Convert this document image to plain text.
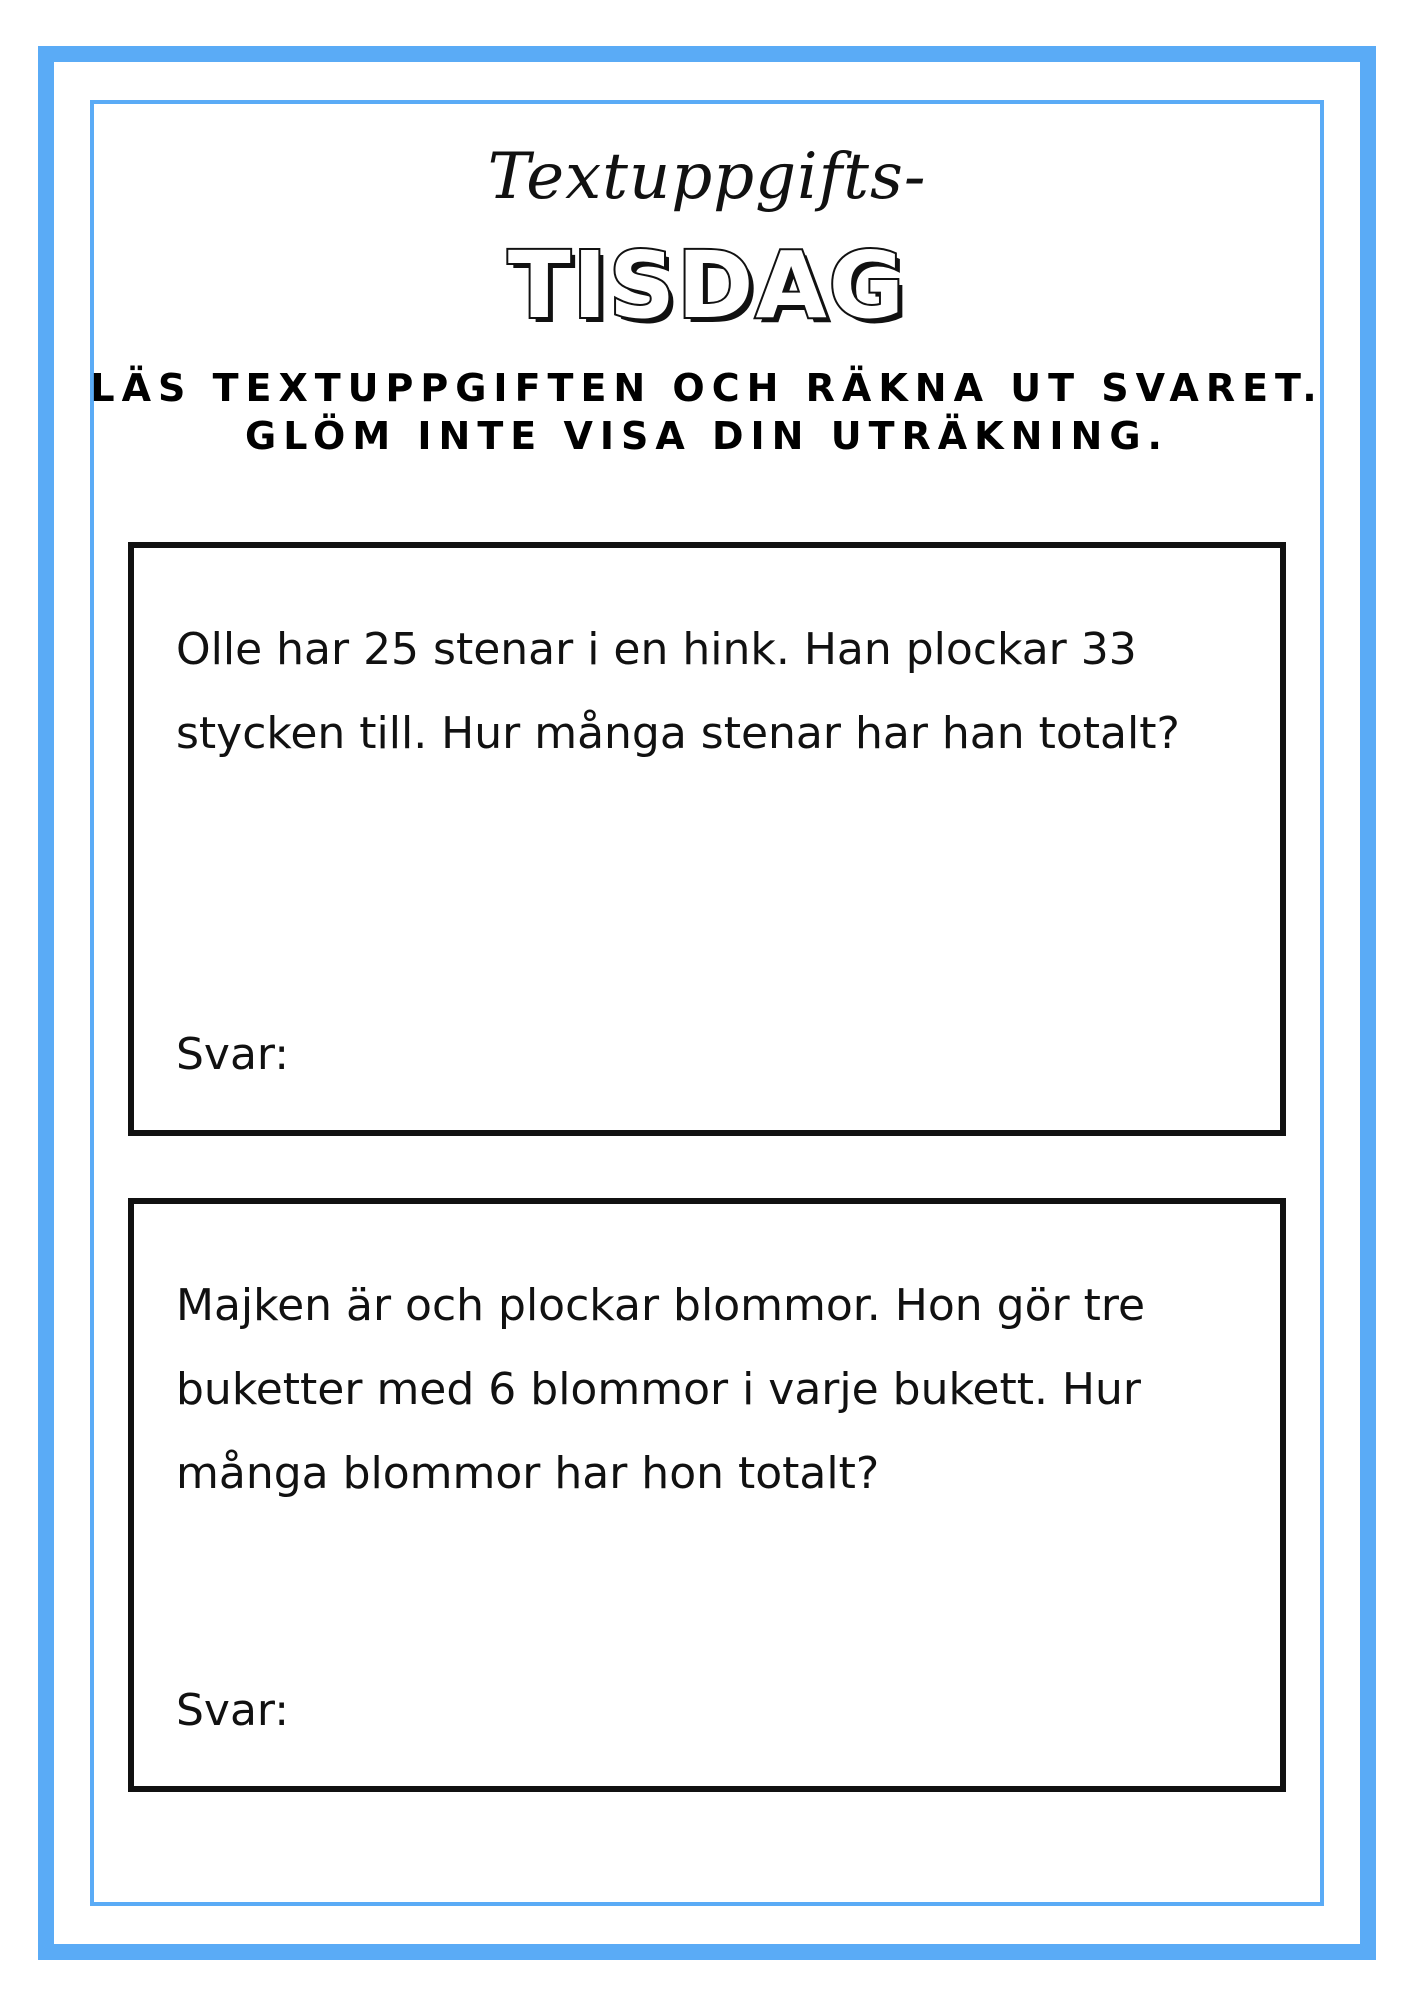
Textuppgifts-
TISDAG
LÄS TEXTUPPGIFTEN OCH RÄKNA UT SVARET.
GLÖM INTE VISA DIN UTRÄKNING.
Olle har 25 stenar i en hink. Han plockar 33 stycken till. Hur många stenar har han totalt?
Svar:
Majken är och plockar blommor. Hon gör tre buketter med 6 blommor i varje bukett. Hur många blommor har hon totalt?
Svar:
